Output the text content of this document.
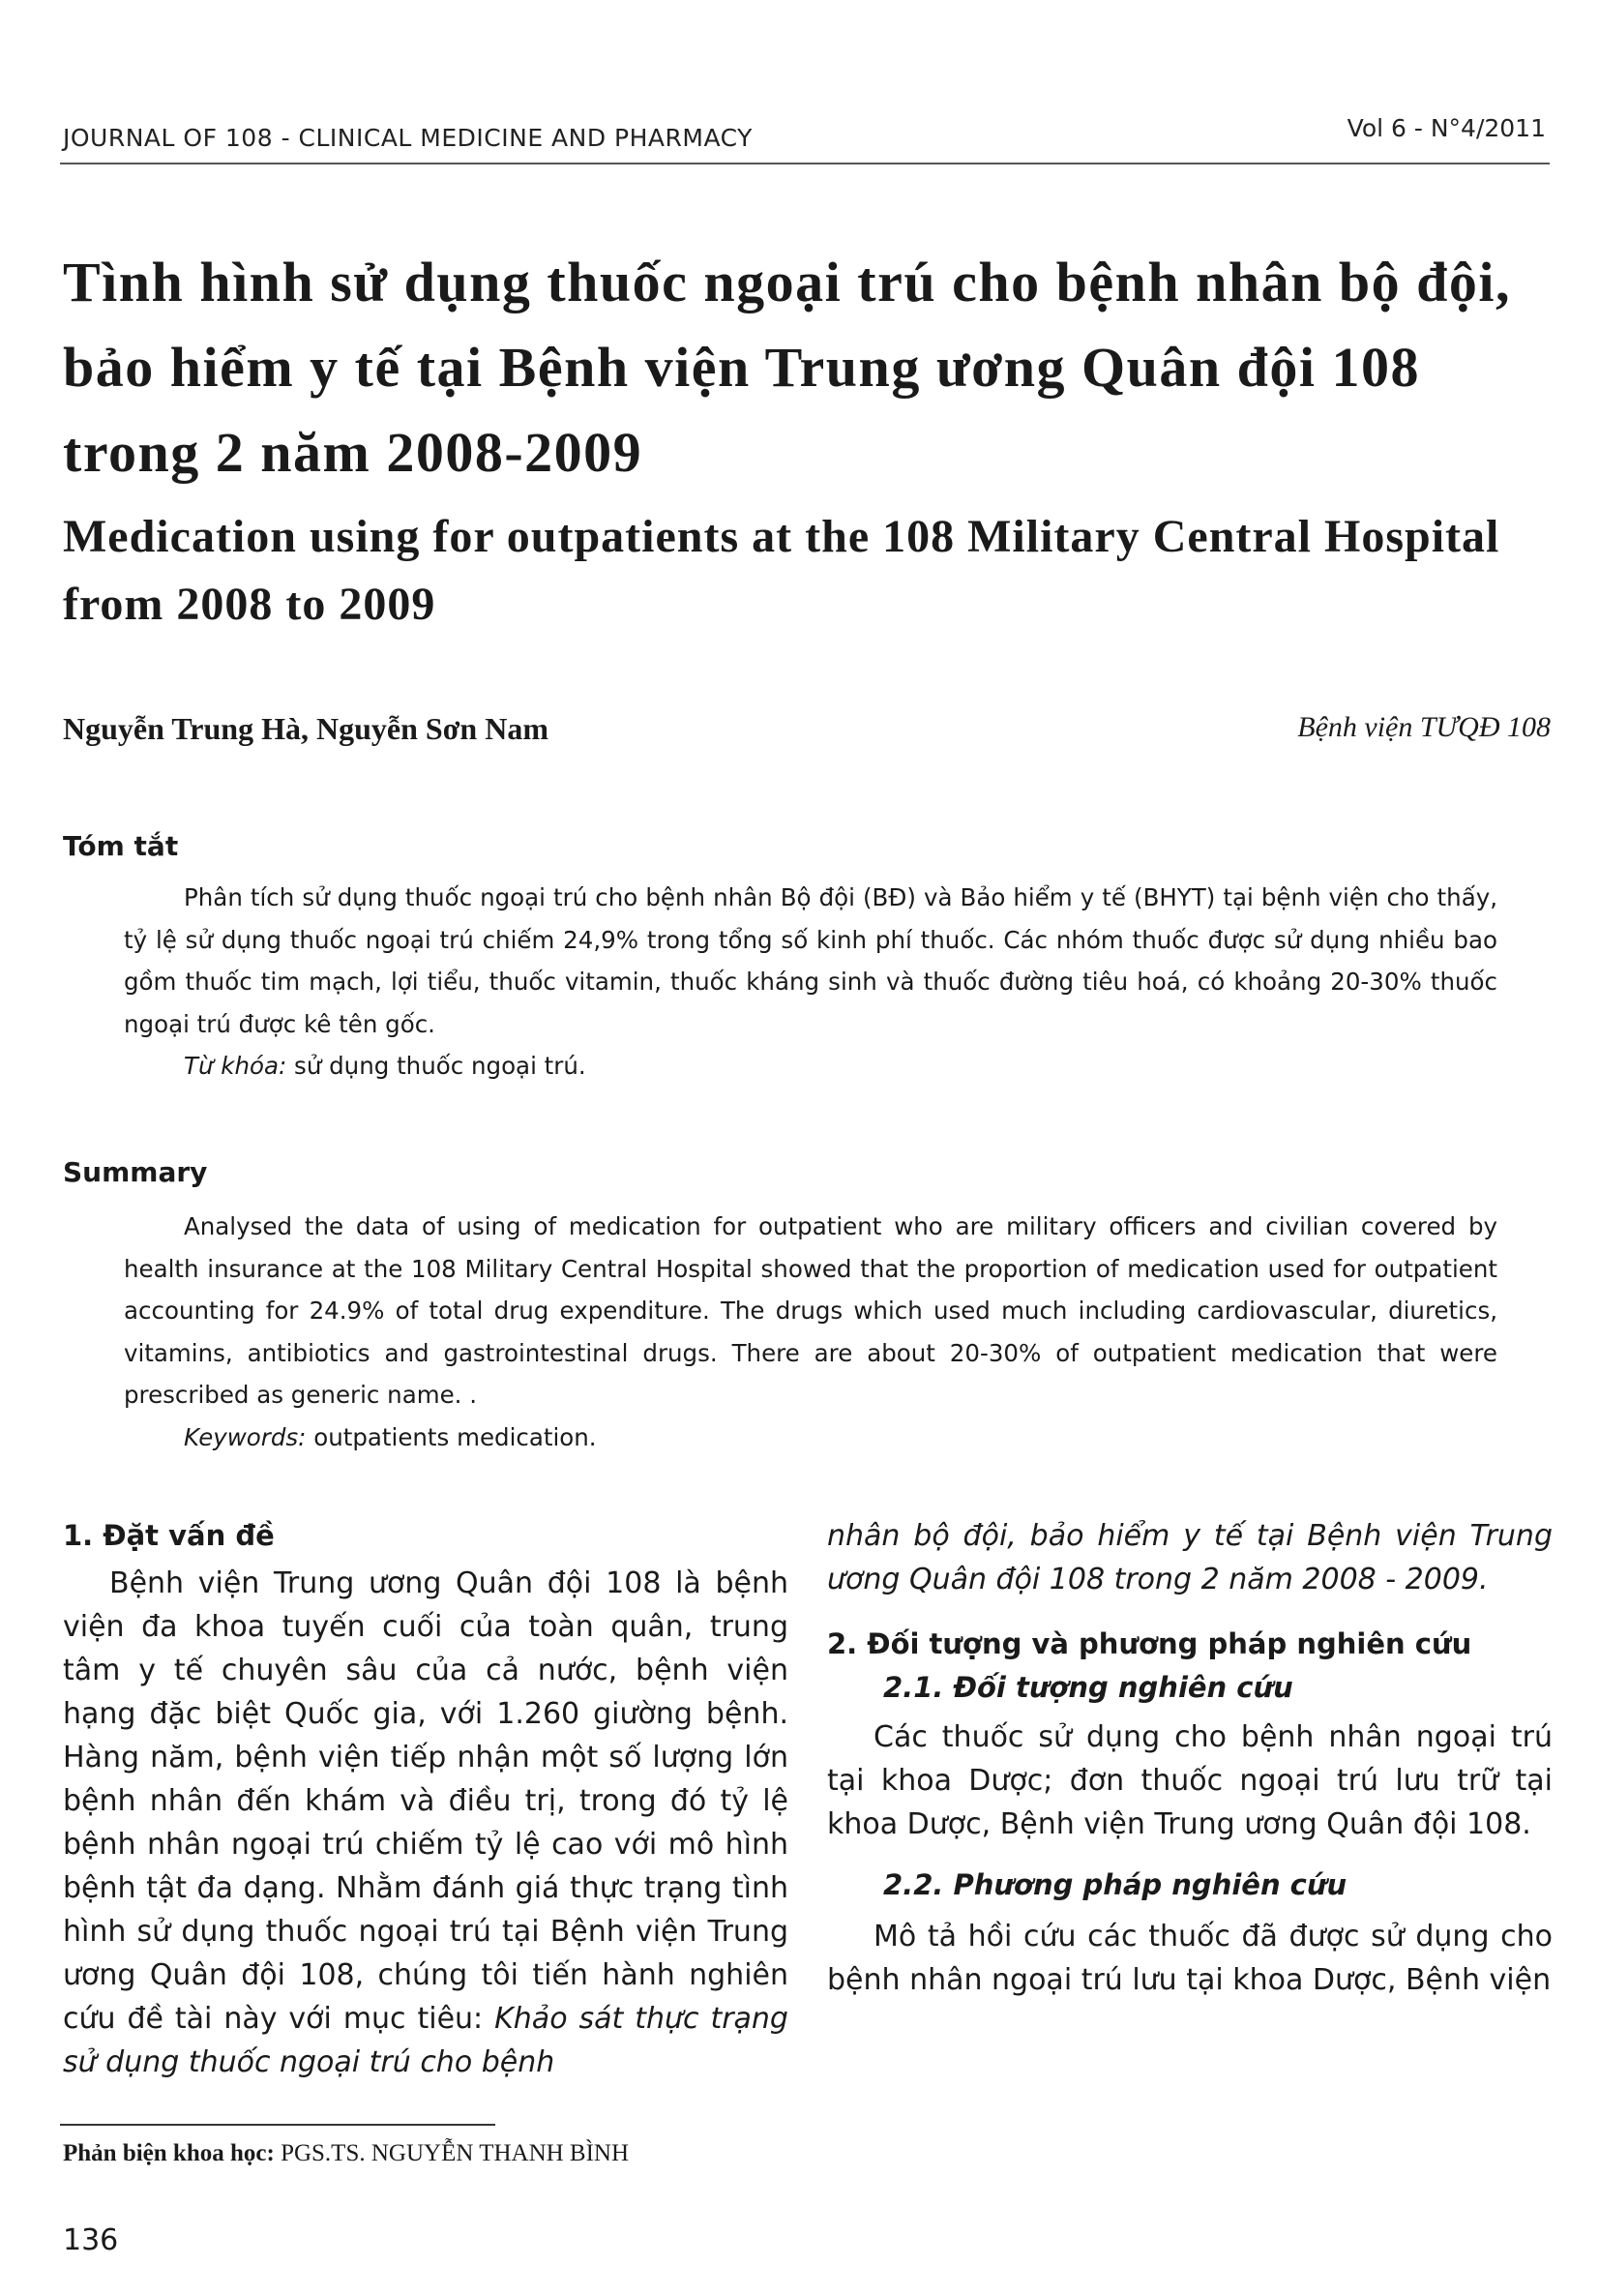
JOURNAL OF 108 - CLINICAL MEDICINE AND PHARMACY	Vol 6 - N°4/2011
Tình hình sử dụng thuốc ngoại trú cho bệnh nhân bộ đội, bảo hiểm y tế tại Bệnh viện Trung ương Quân đội 108 trong 2 năm 2008-2009
Medication using for outpatients at the 108 Military Central Hospital from 2008 to 2009
Nguyễn Trung Hà, Nguyễn Sơn Nam	Bệnh viện TƯQĐ 108
Tóm tắt

Phân tích sử dụng thuốc ngoại trú cho bệnh nhân Bộ đội (BĐ) và Bảo hiểm y tế (BHYT) tại bệnh viện cho thấy, tỷ lệ sử dụng thuốc ngoại trú chiếm 24,9% trong tổng số kinh phí thuốc. Các nhóm thuốc được sử dụng nhiều bao gồm thuốc tim mạch, lợi tiểu, thuốc vitamin, thuốc kháng sinh và thuốc đường tiêu hoá, có khoảng 20-30% thuốc ngoại trú được kê tên gốc.

Từ khóa: sử dụng thuốc ngoại trú.

Summary

Analysed the data of using of medication for outpatient who are military officers and civilian covered by health insurance at the 108 Military Central Hospital showed that the proportion of medication used for outpatient accounting for 24.9% of total drug expenditure. The drugs which used much including cardiovascular, diuretics, vitamins, antibiotics and gastrointestinal drugs. There are about 20-30% of outpatient medication that were prescribed as generic name. .

Keywords: outpatients medication.

1. Đặt vấn đề

Bệnh viện Trung ương Quân đội 108 là bệnh viện đa khoa tuyến cuối của toàn quân, trung tâm y tế chuyên sâu của cả nước, bệnh viện hạng đặc biệt Quốc gia, với 1.260 giường bệnh. Hàng năm, bệnh viện tiếp nhận một số lượng lớn bệnh nhân đến khám và điều trị, trong đó tỷ lệ bệnh nhân ngoại trú chiếm tỷ lệ cao với mô hình bệnh tật đa dạng. Nhằm đánh giá thực trạng tình hình sử dụng thuốc ngoại trú tại Bệnh viện Trung ương Quân đội 108, chúng tôi tiến hành nghiên cứu đề tài này với mục tiêu: Khảo sát thực trạng sử dụng thuốc ngoại trú cho bệnh

nhân bộ đội, bảo hiểm y tế tại Bệnh viện Trung ương Quân đội 108 trong 2 năm 2008 - 2009.

2. Đối tượng và phương pháp nghiên cứu
2.1. Đối tượng nghiên cứu

Các thuốc sử dụng cho bệnh nhân ngoại trú tại khoa Dược; đơn thuốc ngoại trú lưu trữ tại khoa Dược, Bệnh viện Trung ương Quân đội 108.

2.2. Phương pháp nghiên cứu

Mô tả hồi cứu các thuốc đã được sử dụng cho bệnh nhân ngoại trú lưu tại khoa Dược, Bệnh viện

Phản biện khoa học: PGS.TS. NGUYỄN THANH BÌNH
136
